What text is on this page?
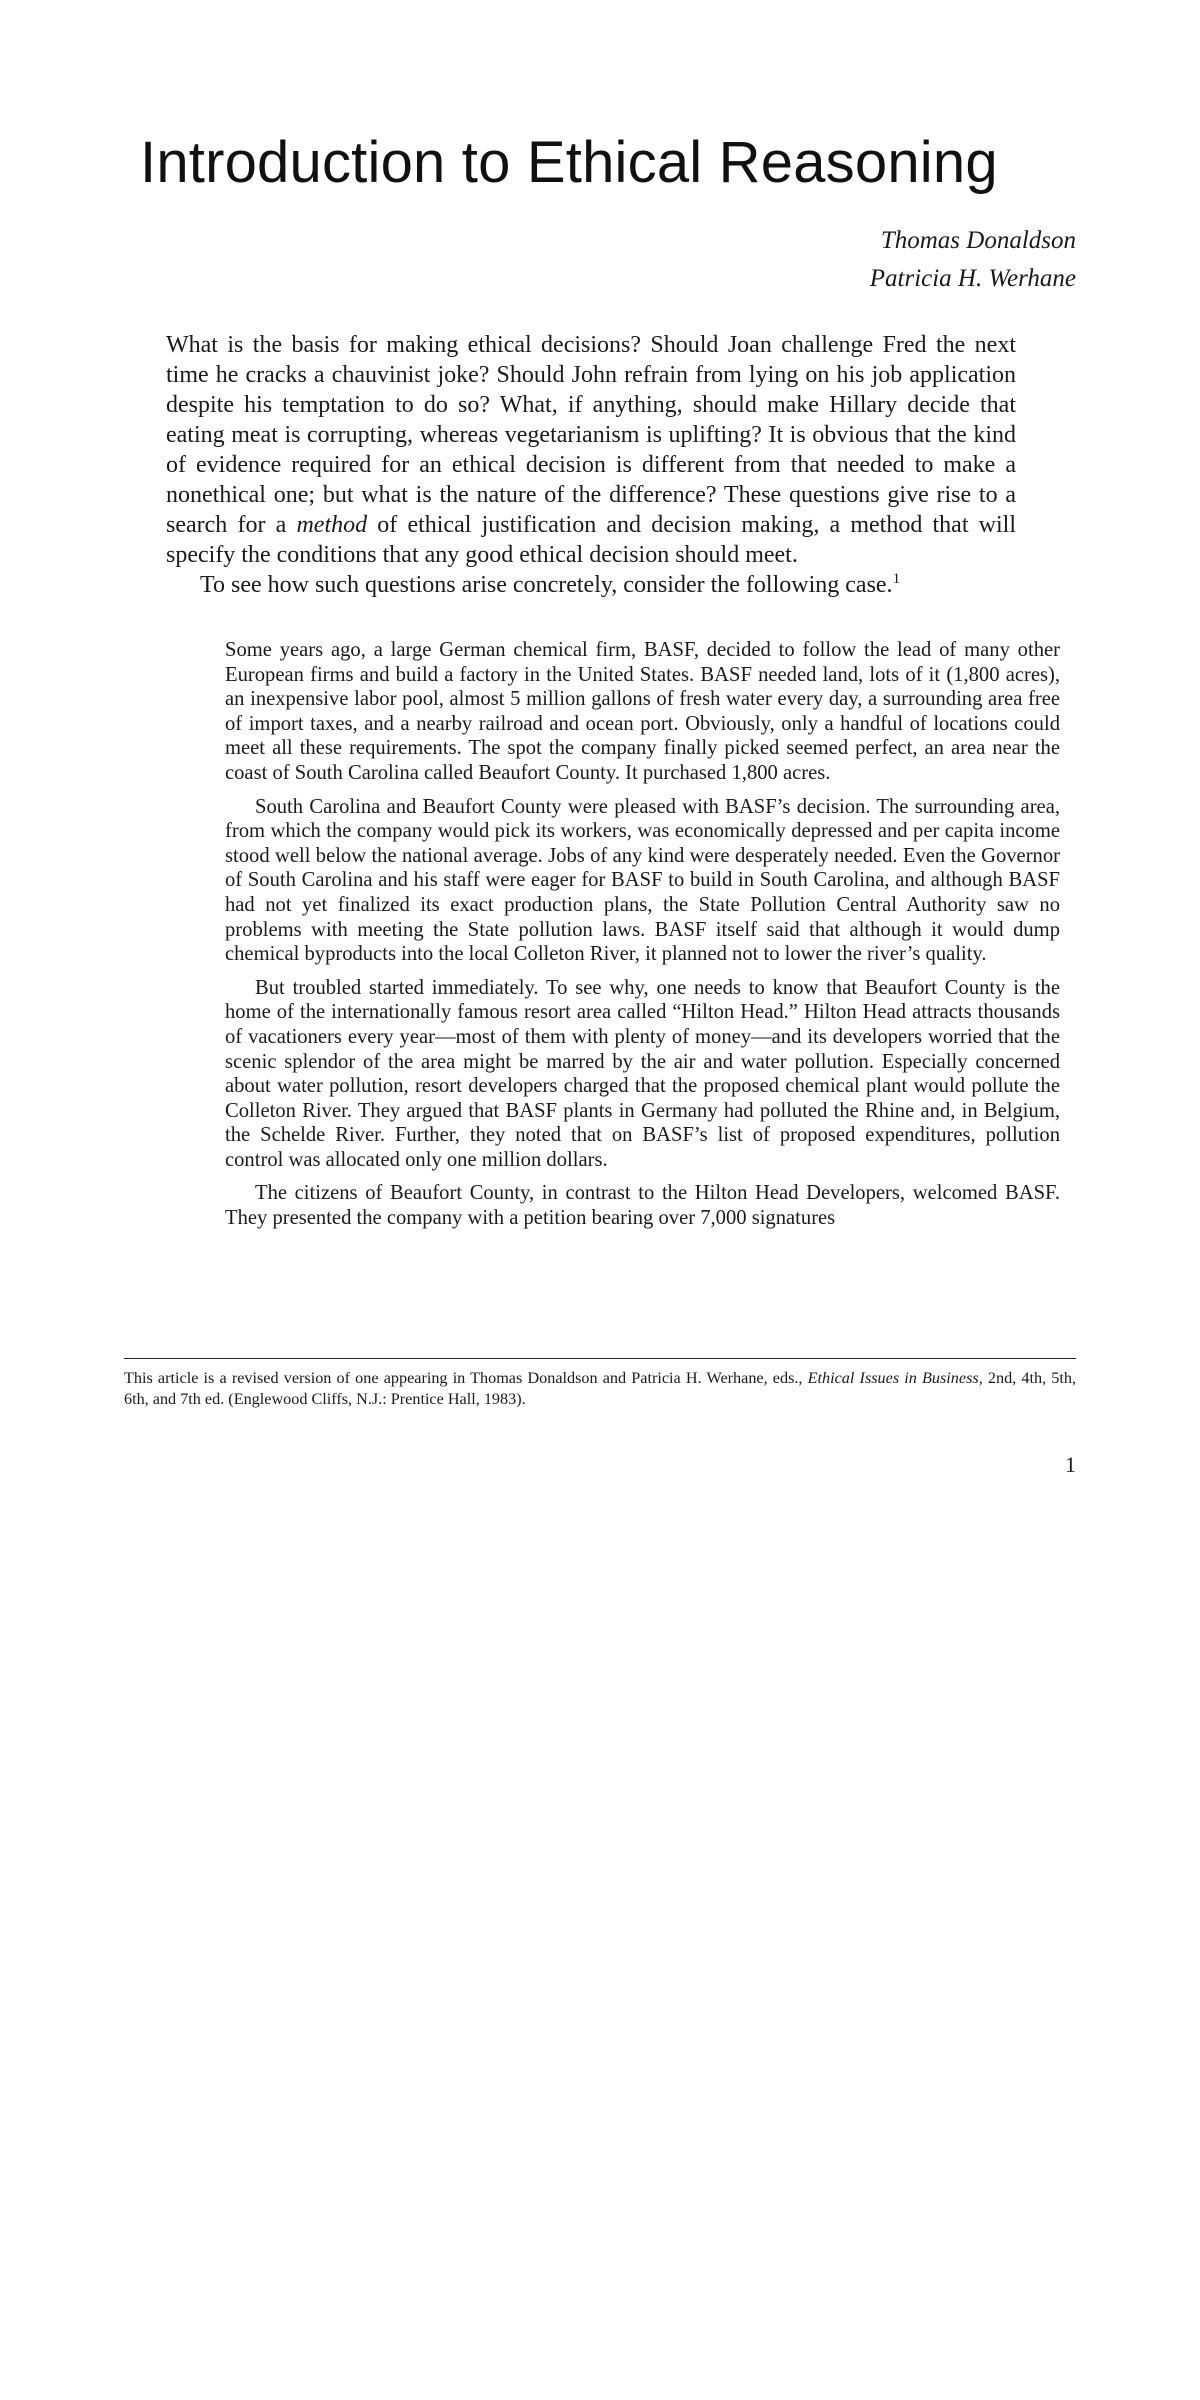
Introduction to Ethical Reasoning
Thomas Donaldson
Patricia H. Werhane

What is the basis for making ethical decisions? Should Joan challenge Fred the next time he cracks a chauvinist joke? Should John refrain from lying on his job application despite his temptation to do so? What, if anything, should make Hillary decide that eating meat is corrupting, whereas vegetarianism is uplifting? It is obvious that the kind of evidence required for an ethical decision is different from that needed to make a nonethical one; but what is the nature of the difference? These questions give rise to a search for a method of ethical justification and decision making, a method that will specify the conditions that any good ethical decision should meet.

To see how such questions arise concretely, consider the following case.$^1$

Some years ago, a large German chemical firm, BASF, decided to follow the lead of many other European firms and build a factory in the United States. BASF needed land, lots of it (1,800 acres), an inexpensive labor pool, almost 5 million gallons of fresh water every day, a surrounding area free of import taxes, and a nearby railroad and ocean port. Obviously, only a handful of locations could meet all these requirements. The spot the company finally picked seemed perfect, an area near the coast of South Carolina called Beaufort County. It purchased 1,800 acres.

South Carolina and Beaufort County were pleased with BASF’s decision. The surrounding area, from which the company would pick its workers, was economically depressed and per capita income stood well below the national average. Jobs of any kind were desperately needed. Even the Governor of South Carolina and his staff were eager for BASF to build in South Carolina, and although BASF had not yet finalized its exact production plans, the State Pollution Central Authority saw no problems with meeting the State pollution laws. BASF itself said that although it would dump chemical byproducts into the local Colleton River, it planned not to lower the river’s quality.

But troubled started immediately. To see why, one needs to know that Beaufort County is the home of the internationally famous resort area called “Hilton Head.” Hilton Head attracts thousands of vacationers every year—most of them with plenty of money—and its developers worried that the scenic splendor of the area might be marred by the air and water pollution. Especially concerned about water pollution, resort developers charged that the proposed chemical plant would pollute the Colleton River. They argued that BASF plants in Germany had polluted the Rhine and, in Belgium, the Schelde River. Further, they noted that on BASF’s list of proposed expenditures, pollution control was allocated only one million dollars.

The citizens of Beaufort County, in contrast to the Hilton Head Developers, welcomed BASF. They presented the company with a petition bearing over 7,000 signatures

This article is a revised version of one appearing in Thomas Donaldson and Patricia H. Werhane, eds., Ethical Issues in Business, 2nd, 4th, 5th, 6th, and 7th ed. (Englewood Cliffs, N.J.: Prentice Hall, 1983).
1
